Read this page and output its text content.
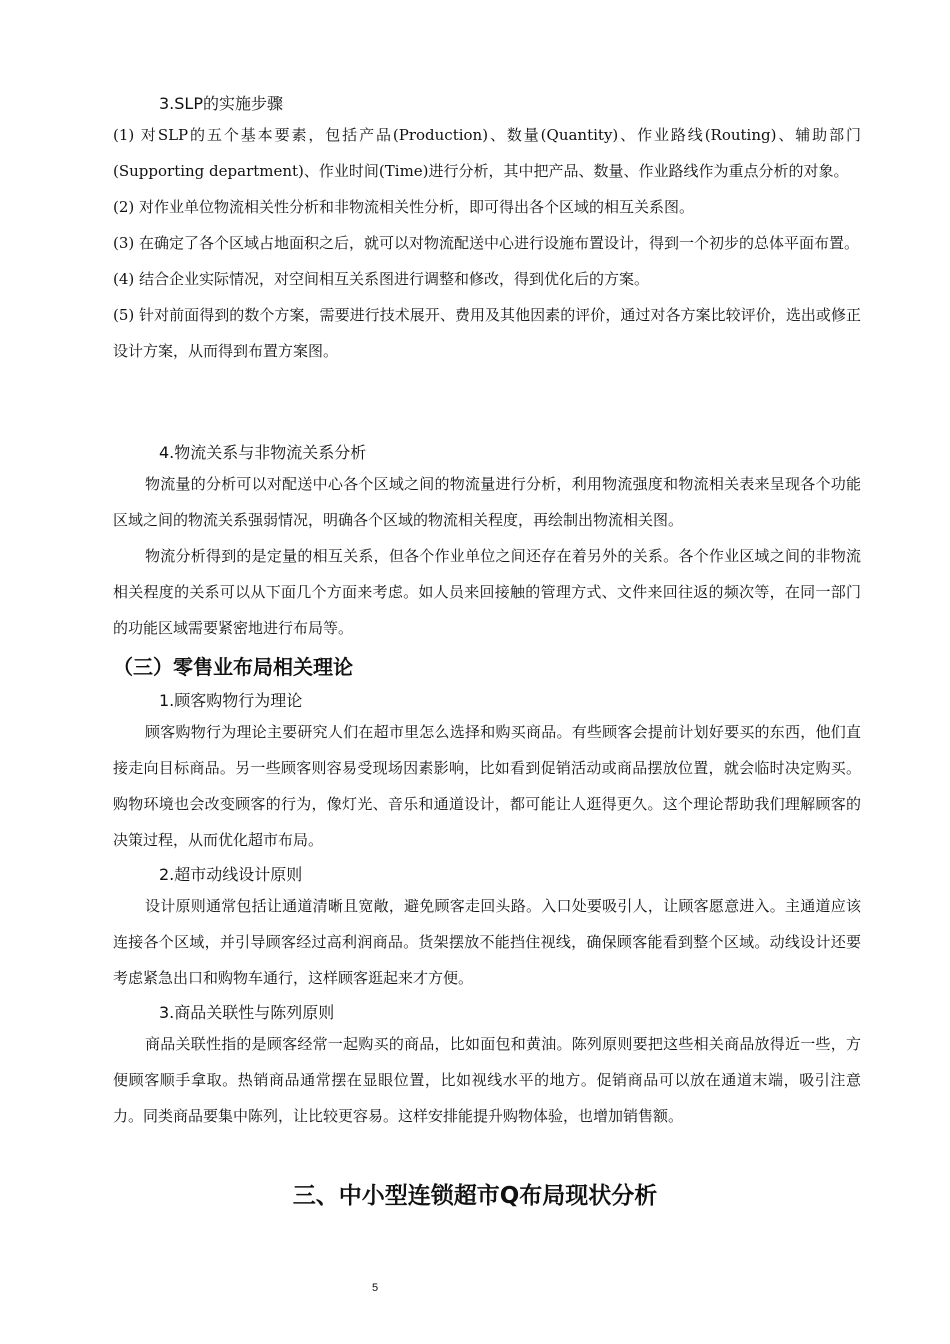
3.SLP的实施步骤

(1) 对SLP的五个基本要素，包括产品(Production)、数量(Quantity)、作业路线(Routing)、辅助部门(Supporting department)、作业时间(Time)进行分析，其中把产品、数量、作业路线作为重点分析的对象。

(2) 对作业单位物流相关性分析和非物流相关性分析，即可得出各个区域的相互关系图。

(3) 在确定了各个区域占地面积之后，就可以对物流配送中心进行设施布置设计，得到一个初步的总体平面布置。

(4) 结合企业实际情况，对空间相互关系图进行调整和修改，得到优化后的方案。

(5) 针对前面得到的数个方案，需要进行技术展开、费用及其他因素的评价，通过对各方案比较评价，选出或修正设计方案，从而得到布置方案图。

4.物流关系与非物流关系分析

物流量的分析可以对配送中心各个区域之间的物流量进行分析，利用物流强度和物流相关表来呈现各个功能区域之间的物流关系强弱情况，明确各个区域的物流相关程度，再绘制出物流相关图。

物流分析得到的是定量的相互关系，但各个作业单位之间还存在着另外的关系。各个作业区域之间的非物流相关程度的关系可以从下面几个方面来考虑。如人员来回接触的管理方式、文件来回往返的频次等，在同一部门的功能区域需要紧密地进行布局等。

（三）零售业布局相关理论

1.顾客购物行为理论

顾客购物行为理论主要研究人们在超市里怎么选择和购买商品。有些顾客会提前计划好要买的东西，他们直接走向目标商品。另一些顾客则容易受现场因素影响，比如看到促销活动或商品摆放位置，就会临时决定购买。购物环境也会改变顾客的行为，像灯光、音乐和通道设计，都可能让人逛得更久。这个理论帮助我们理解顾客的决策过程，从而优化超市布局。

2.超市动线设计原则

设计原则通常包括让通道清晰且宽敞，避免顾客走回头路。入口处要吸引人，让顾客愿意进入。主通道应该连接各个区域，并引导顾客经过高利润商品。货架摆放不能挡住视线，确保顾客能看到整个区域。动线设计还要考虑紧急出口和购物车通行，这样顾客逛起来才方便。

3.商品关联性与陈列原则

商品关联性指的是顾客经常一起购买的商品，比如面包和黄油。陈列原则要把这些相关商品放得近一些，方便顾客顺手拿取。热销商品通常摆在显眼位置，比如视线水平的地方。促销商品可以放在通道末端，吸引注意力。同类商品要集中陈列，让比较更容易。这样安排能提升购物体验，也增加销售额。

三、中小型连锁超市Q布局现状分析
5
